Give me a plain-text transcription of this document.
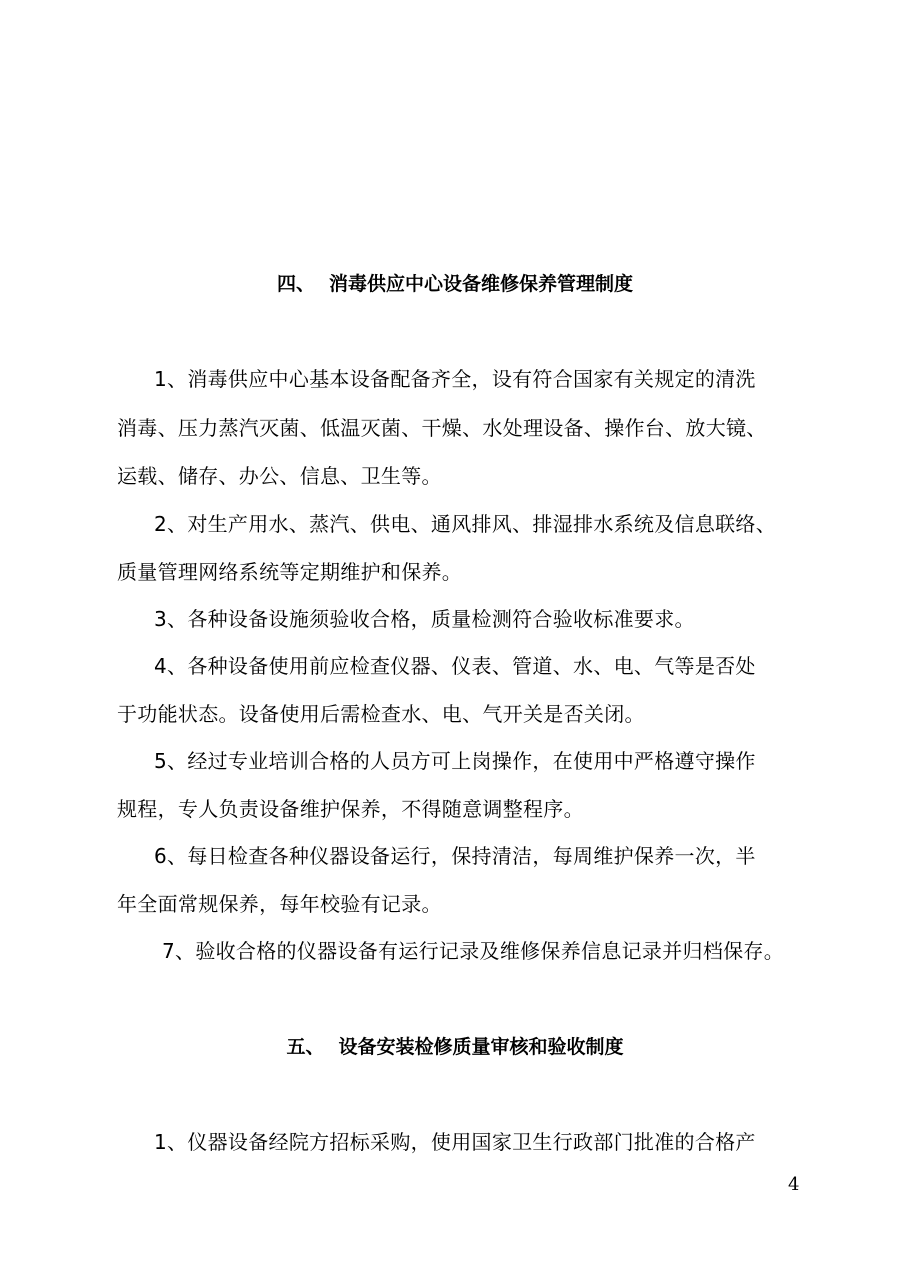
四、 消毒供应中心设备维修保养管理制度
1、消毒供应中心基本设备配备齐全，设有符合国家有关规定的清洗
消毒、压力蒸汽灭菌、低温灭菌、干燥、水处理设备、操作台、放大镜、
运载、储存、办公、信息、卫生等。
2、对生产用水、蒸汽、供电、通风排风、排湿排水系统及信息联络、
质量管理网络系统等定期维护和保养。
3、各种设备设施须验收合格，质量检测符合验收标准要求。
4、各种设备使用前应检查仪器、仪表、管道、水、电、气等是否处
于功能状态。设备使用后需检查水、电、气开关是否关闭。
5、经过专业培训合格的人员方可上岗操作，在使用中严格遵守操作
规程，专人负责设备维护保养，不得随意调整程序。
6、每日检查各种仪器设备运行，保持清洁，每周维护保养一次，半
年全面常规保养，每年校验有记录。
7、验收合格的仪器设备有运行记录及维修保养信息记录并归档保存。
五、 设备安装检修质量审核和验收制度
1、仪器设备经院方招标采购，使用国家卫生行政部门批准的合格产
4
